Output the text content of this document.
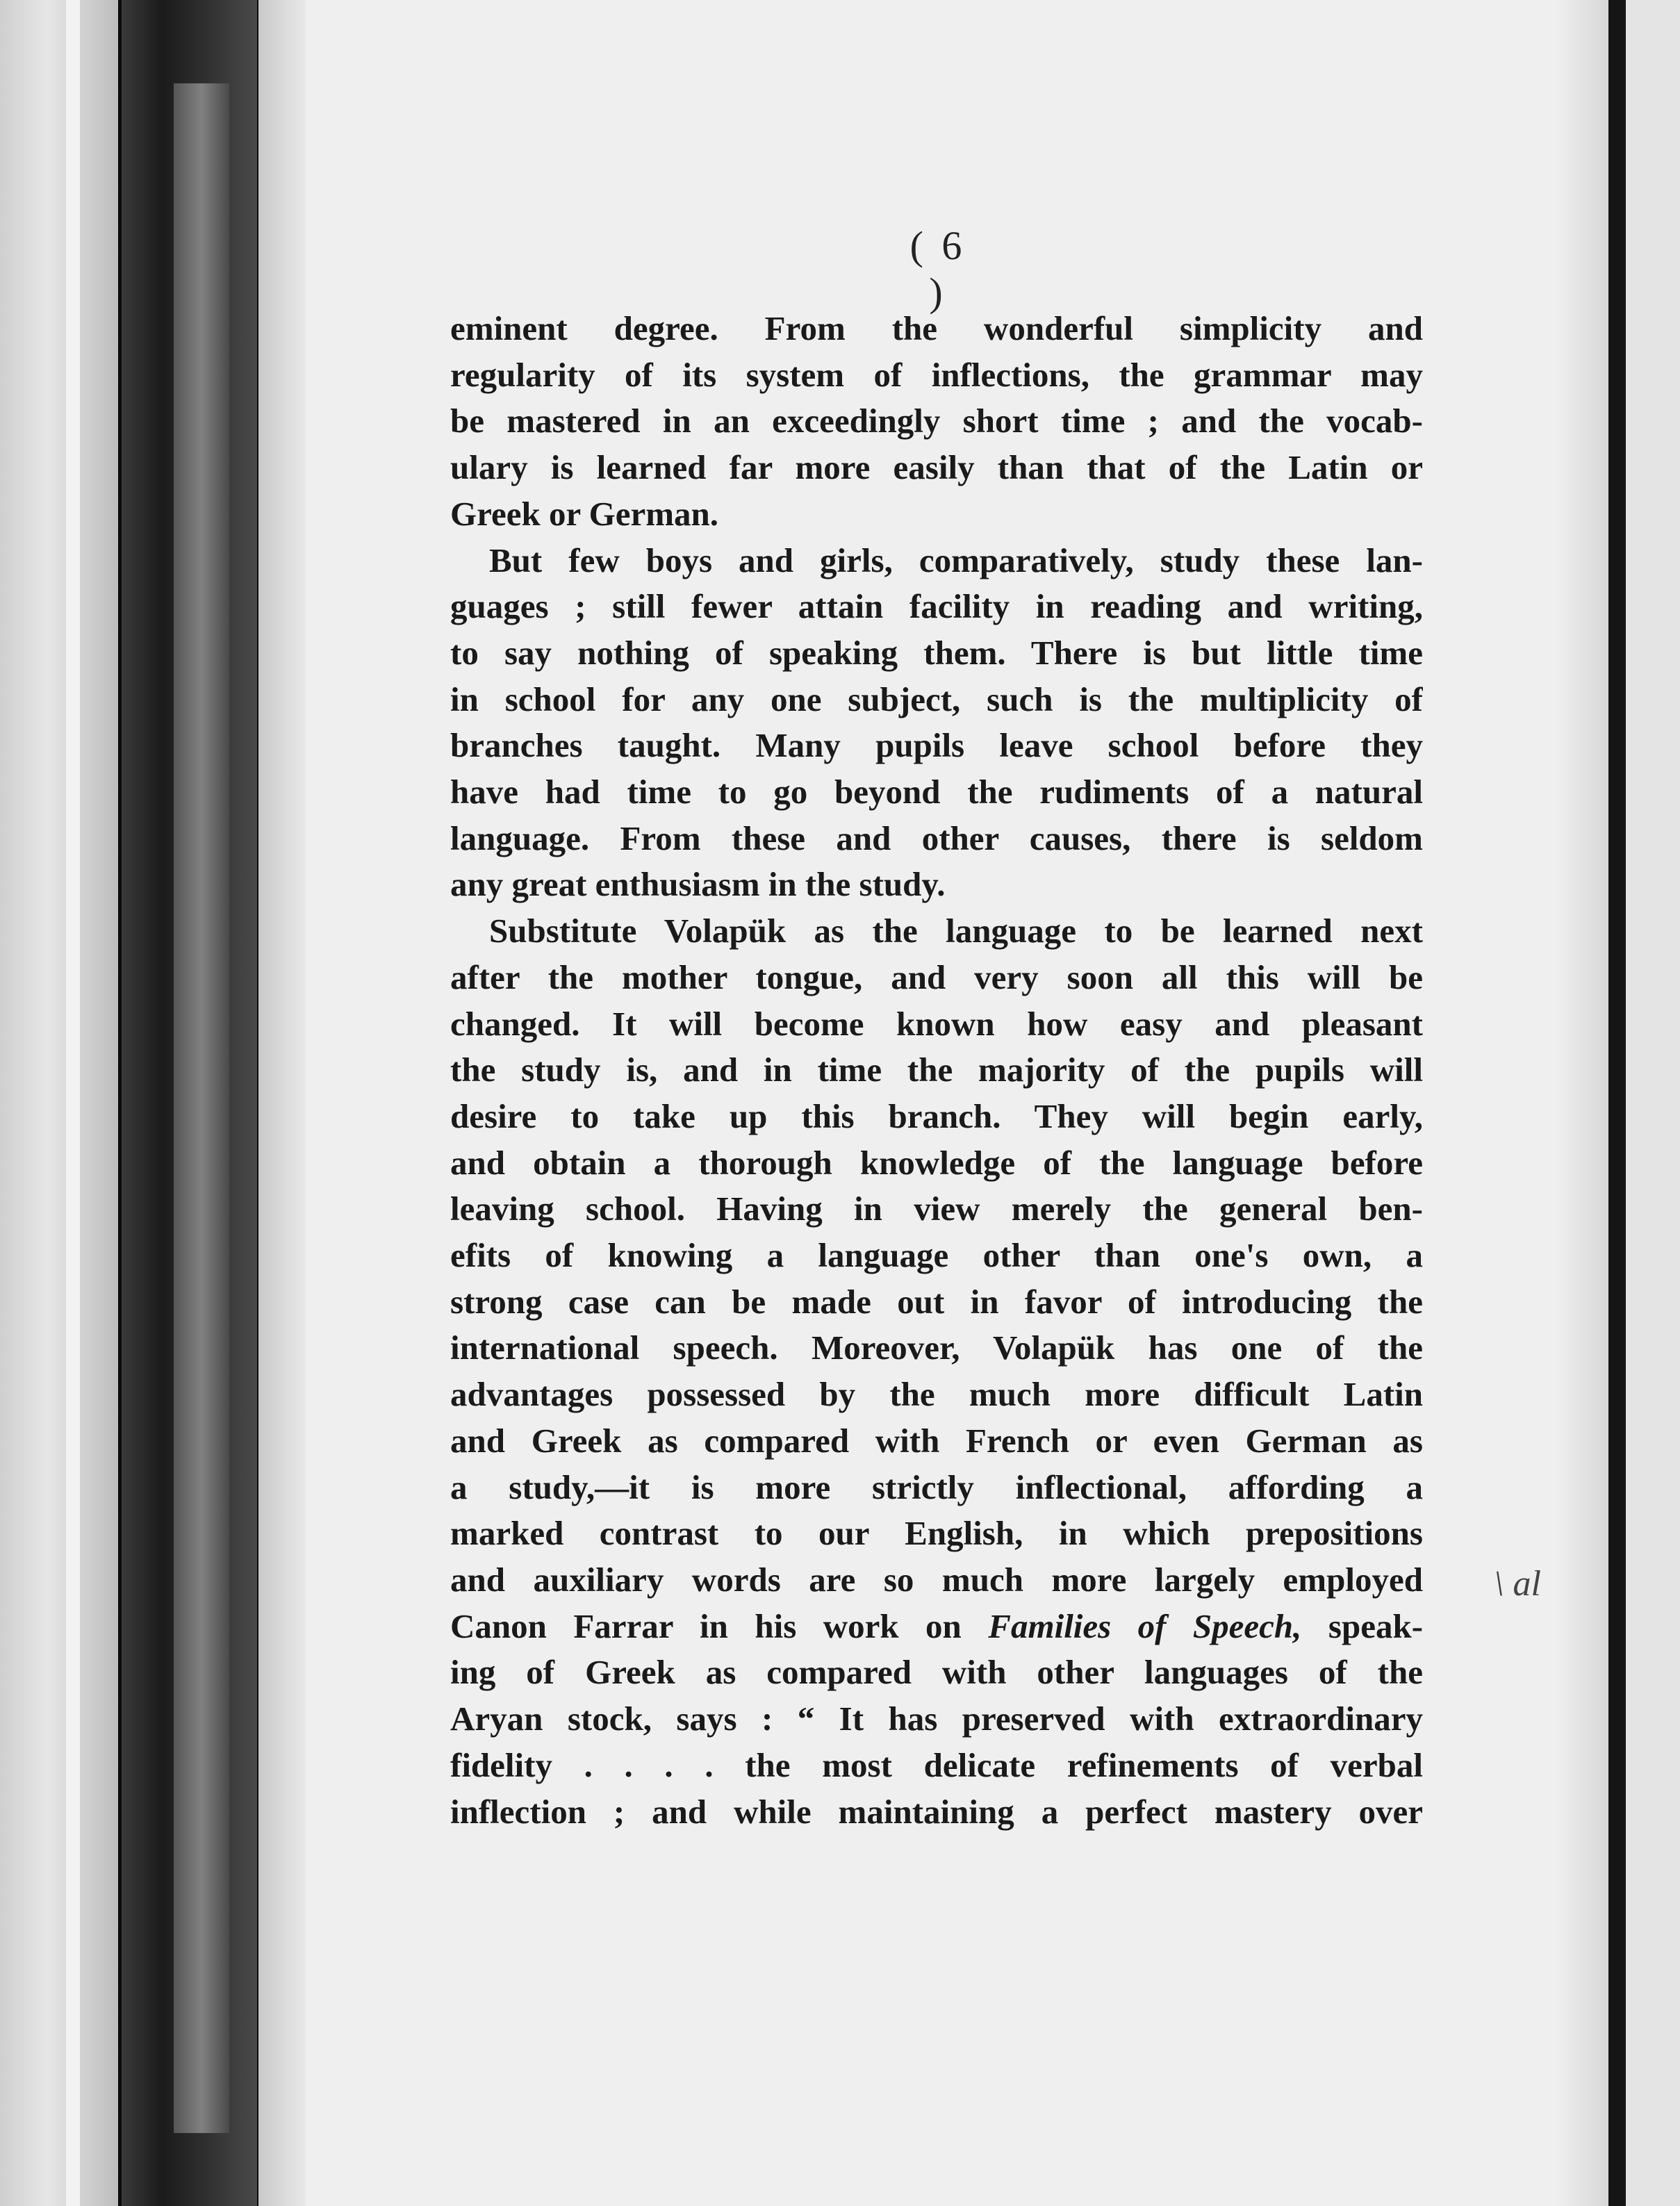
( 6 )
eminent degree. From the wonderful simplicity and
regularity of its system of inflections, the grammar may
be mastered in an exceedingly short time ; and the vocab-
ulary is learned far more easily than that of the Latin or
Greek or German.
But few boys and girls, comparatively, study these lan-
guages ; still fewer attain facility in reading and writing,
to say nothing of speaking them. There is but little time
in school for any one subject, such is the multiplicity of
branches taught. Many pupils leave school before they
have had time to go beyond the rudiments of a natural
language. From these and other causes, there is seldom
any great enthusiasm in the study.
Substitute Volapük as the language to be learned next
after the mother tongue, and very soon all this will be
changed. It will become known how easy and pleasant
the study is, and in time the majority of the pupils will
desire to take up this branch. They will begin early,
and obtain a thorough knowledge of the language before
leaving school. Having in view merely the general ben-
efits of knowing a language other than one's own, a
strong case can be made out in favor of introducing the
international speech. Moreover, Volapük has one of the
advantages possessed by the much more difficult Latin
and Greek as compared with French or even German as
a study,—it is more strictly inflectional, affording a
marked contrast to our English, in which prepositions
and auxiliary words are so much more largely employed
Canon Farrar in his work on Families of Speech, speak-
ing of Greek as compared with other languages of the
Aryan stock, says : “ It has preserved with extraordinary
fidelity . . . . the most delicate refinements of verbal
inflection ; and while maintaining a perfect mastery over
\ al
